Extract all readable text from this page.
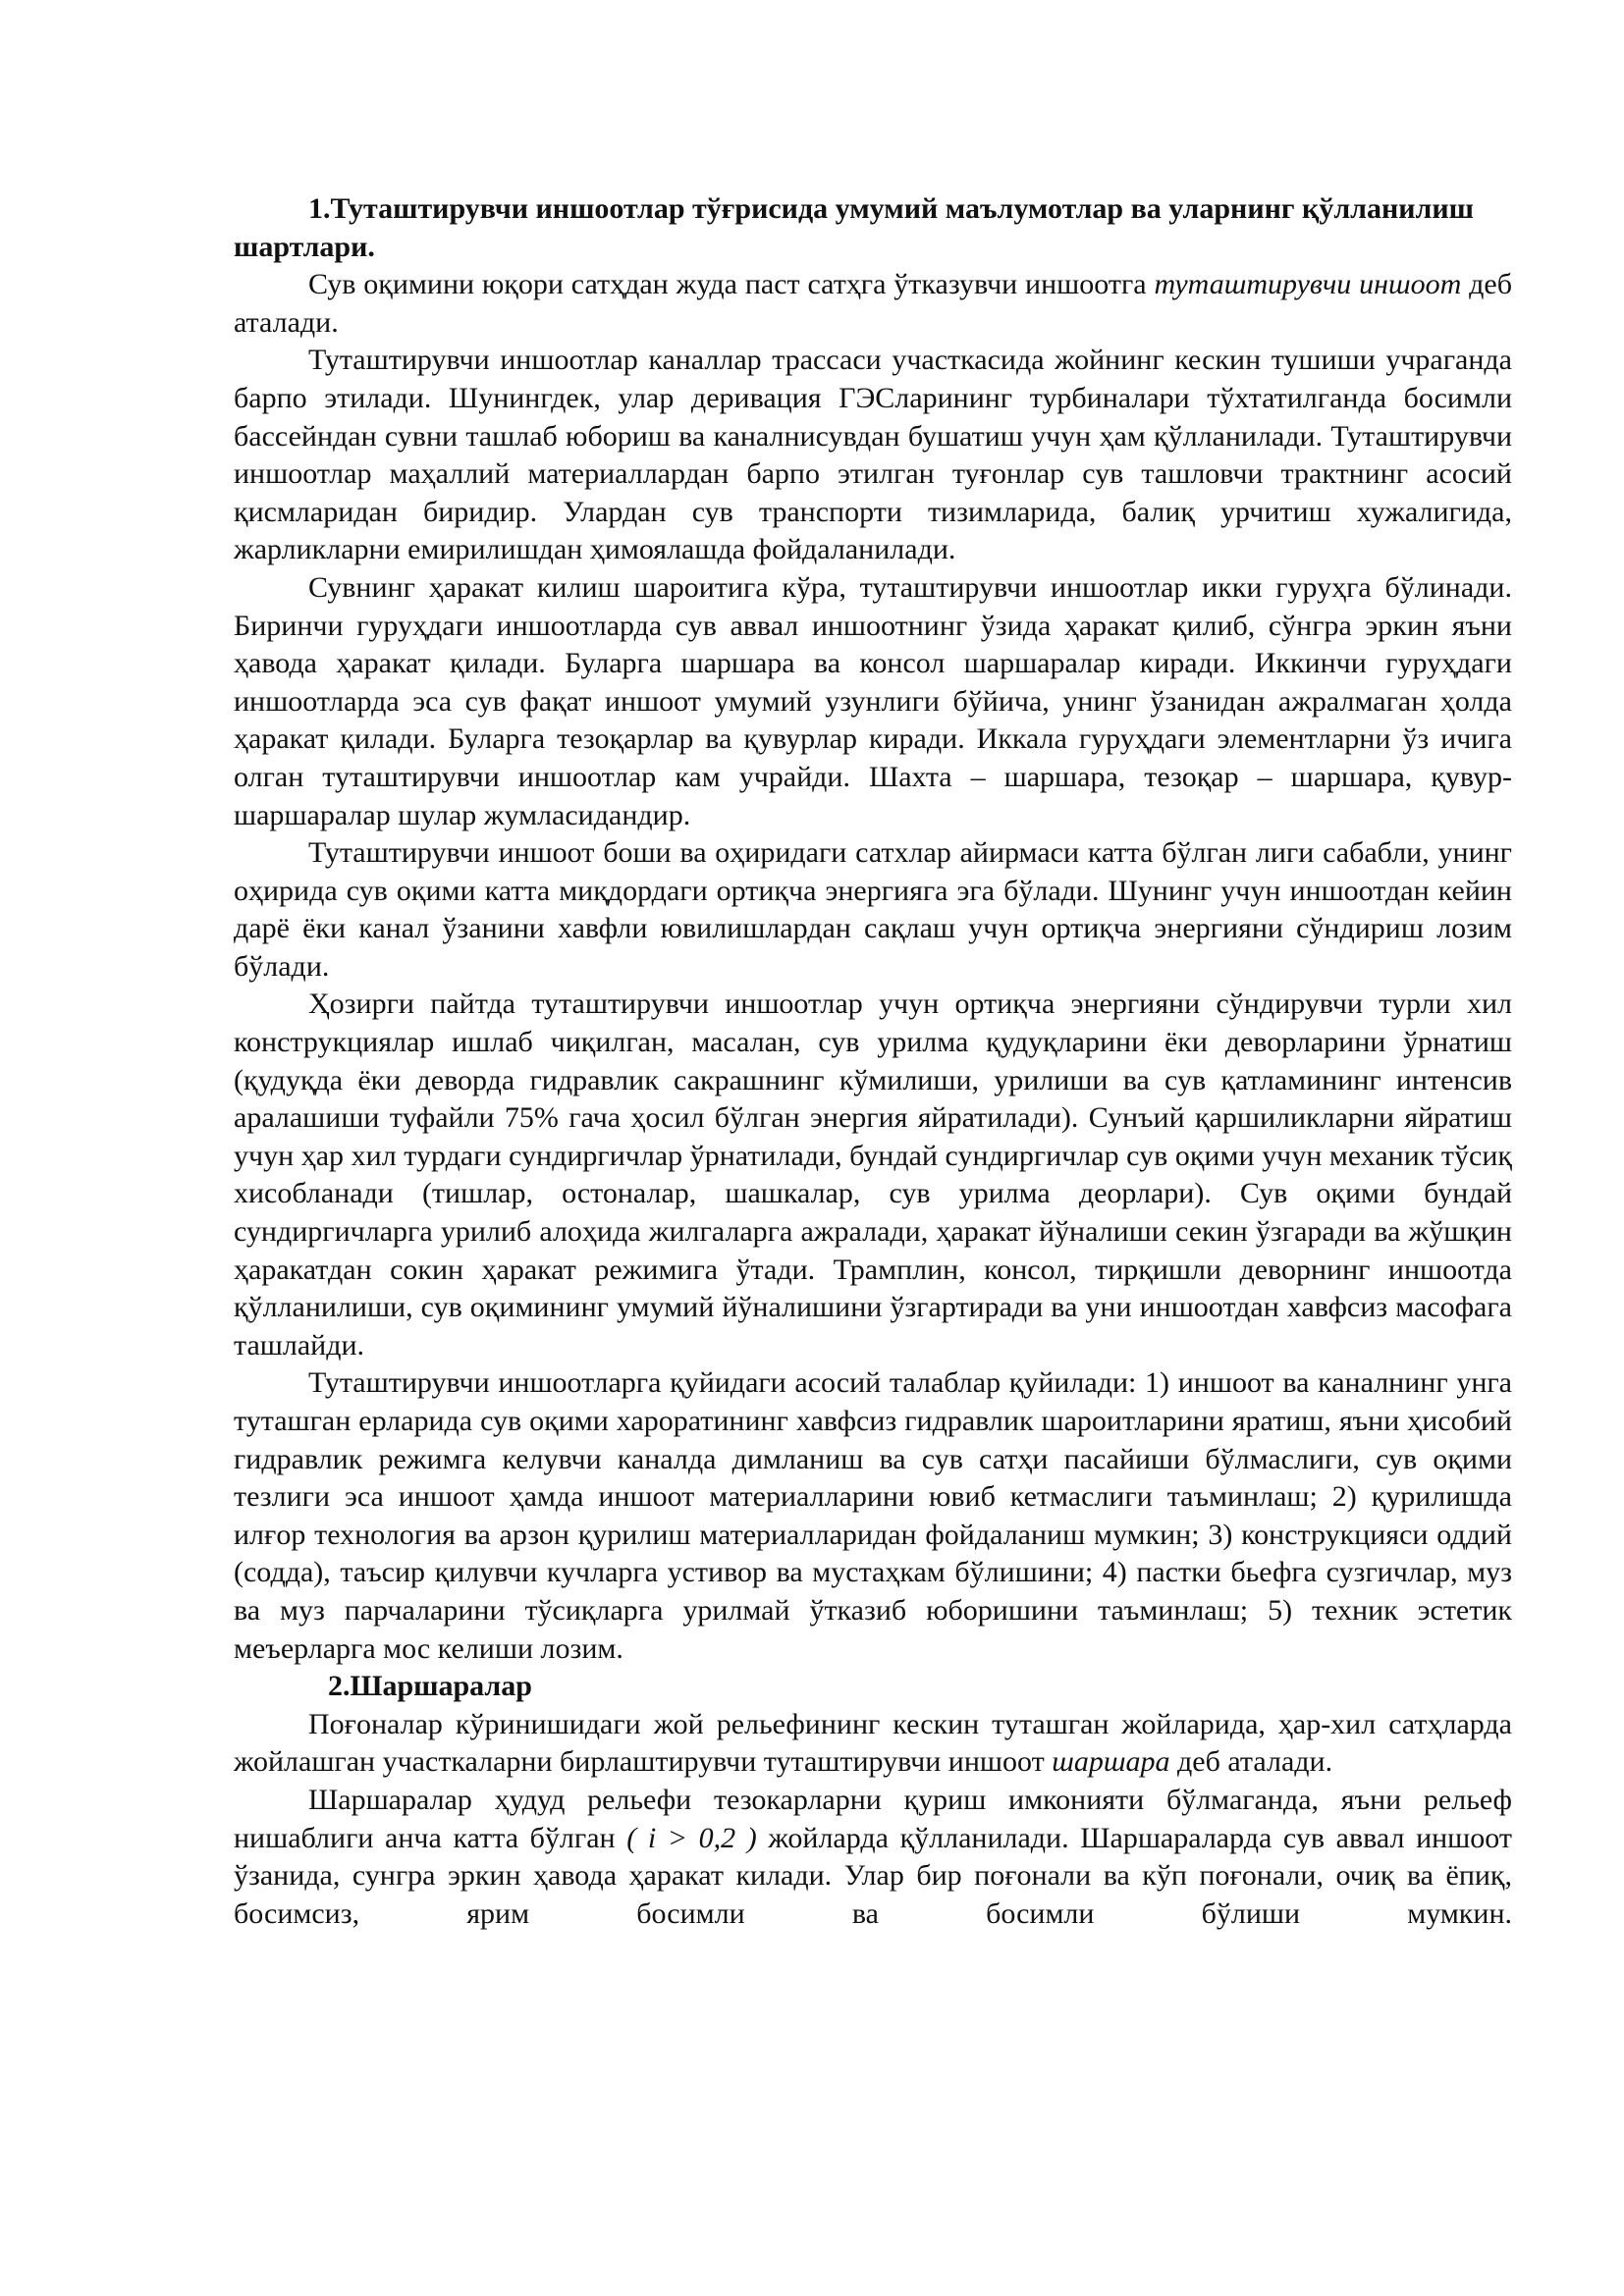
1.Туташтирувчи иншоотлар тўғрисида умумий маълумотлар ва уларнинг қўлланилиш шартлари.

Сув оқимини юқори сатҳдан жуда паст сатҳга ўтказувчи иншоотга туташтирувчи иншоот деб аталади.

Туташтирувчи иншоотлар каналлар трассаси участкасида жойнинг кескин тушиши учраганда барпо этилади. Шунингдек, улар деривация ГЭСларининг турбиналари тўхтатилганда босимли бассейндан сувни ташлаб юбориш ва каналнисувдан бушатиш учун ҳам қўлланилади. Туташтирувчи иншоотлар маҳаллий материаллардан барпо этилган туғонлар сув ташловчи трактнинг асосий қисмларидан биридир. Улардан сув транспорти тизимларида, балиқ урчитиш хужалигида, жарликларни емирилишдан ҳимоялашда фойдаланилади.

Сувнинг ҳаракат килиш шароитига кўра, туташтирувчи иншоотлар икки гуруҳга бўлинади. Биринчи гуруҳдаги иншоотларда сув аввал иншоотнинг ўзида ҳаракат қилиб, сўнгра эркин яъни ҳавода ҳаракат қилади. Буларга шаршара ва консол шаршаралар киради. Иккинчи гуруҳдаги иншоотларда эса сув фақат иншоот умумий узунлиги бўйича, унинг ўзанидан ажралмаган ҳолда ҳаракат қилади. Буларга тезоқарлар ва қувурлар киради. Иккала гуруҳдаги элементларни ўз ичига олган туташтирувчи иншоотлар кам учрайди. Шахта – шаршара, тезоқар – шаршара, қувур-шаршаралар шулар жумласидандир.

Туташтирувчи иншоот боши ва оҳиридаги сатхлар айирмаси катта бўлган лиги сабабли, унинг оҳирида сув оқими катта миқдордаги ортиқча энергияга эга бўлади. Шунинг учун иншоотдан кейин дарё ёки канал ўзанини хавфли ювилишлардан сақлаш учун ортиқча энергияни сўндириш лозим бўлади.

Ҳозирги пайтда туташтирувчи иншоотлар учун ортиқча энергияни сўндирувчи турли хил конструкциялар ишлаб чиқилган, масалан, сув урилма қудуқларини ёки деворларини ўрнатиш (қудуқда ёки деворда гидравлик сакрашнинг кўмилиши, урилиши ва сув қатламининг интенсив аралашиши туфайли 75% гача ҳосил бўлган энергия яйратилади). Сунъий қаршиликларни яйратиш учун ҳар хил турдаги сундиргичлар ўрнатилади, бундай сундиргичлар сув оқими учун механик тўсиқ хисобланади (тишлар, остоналар, шашкалар, сув урилма деорлари). Сув оқими бундай сундиргичларга урилиб алоҳида жилгаларга ажралади, ҳаракат йўналиши секин ўзгаради ва жўшқин ҳаракатдан сокин ҳаракат режимига ўтади. Трамплин, консол, тирқишли деворнинг иншоотда қўлланилиши, сув оқимининг умумий йўналишини ўзгартиради ва уни иншоотдан хавфсиз масофага ташлайди.

Туташтирувчи иншоотларга қуйидаги асосий талаблар қуйилади: 1) иншоот ва каналнинг унга туташган ерларида сув оқими хароратининг хавфсиз гидравлик шароитларини яратиш, яъни ҳисобий гидравлик режимга келувчи каналда димланиш ва сув сатҳи пасайиши бўлмаслиги, сув оқими тезлиги эса иншоот ҳамда иншоот материалларини ювиб кетмаслиги таъминлаш; 2) қурилишда илғор технология ва арзон қурилиш материалларидан фойдаланиш мумкин; 3) конструкцияси оддий (содда), таъсир қилувчи кучларга устивор ва мустаҳкам бўлишини; 4) пастки бьефга сузгичлар, муз ва муз парчаларини тўсиқларга урилмай ўтказиб юборишини таъминлаш; 5) техник эстетик меъерларга мос келиши лозим.

2.Шаршаралар

Поғоналар кўринишидаги жой рельефининг кескин туташган жойларида, ҳар-хил сатҳларда жойлашган участкаларни бирлаштирувчи туташтирувчи иншоот шаршара деб аталади.

Шаршаралар ҳудуд рельефи тезокарларни қуриш имконияти бўлмаганда, яъни рельеф нишаблиги анча катта бўлган ( i > 0,2 ) жойларда қўлланилади. Шаршараларда сув аввал иншоот ўзанида, сунгра эркин ҳавода ҳаракат килади. Улар бир поғонали ва кўп поғонали, очиқ ва ёпиқ, босимсиз, ярим босимли ва босимли бўлиши мумкин.
